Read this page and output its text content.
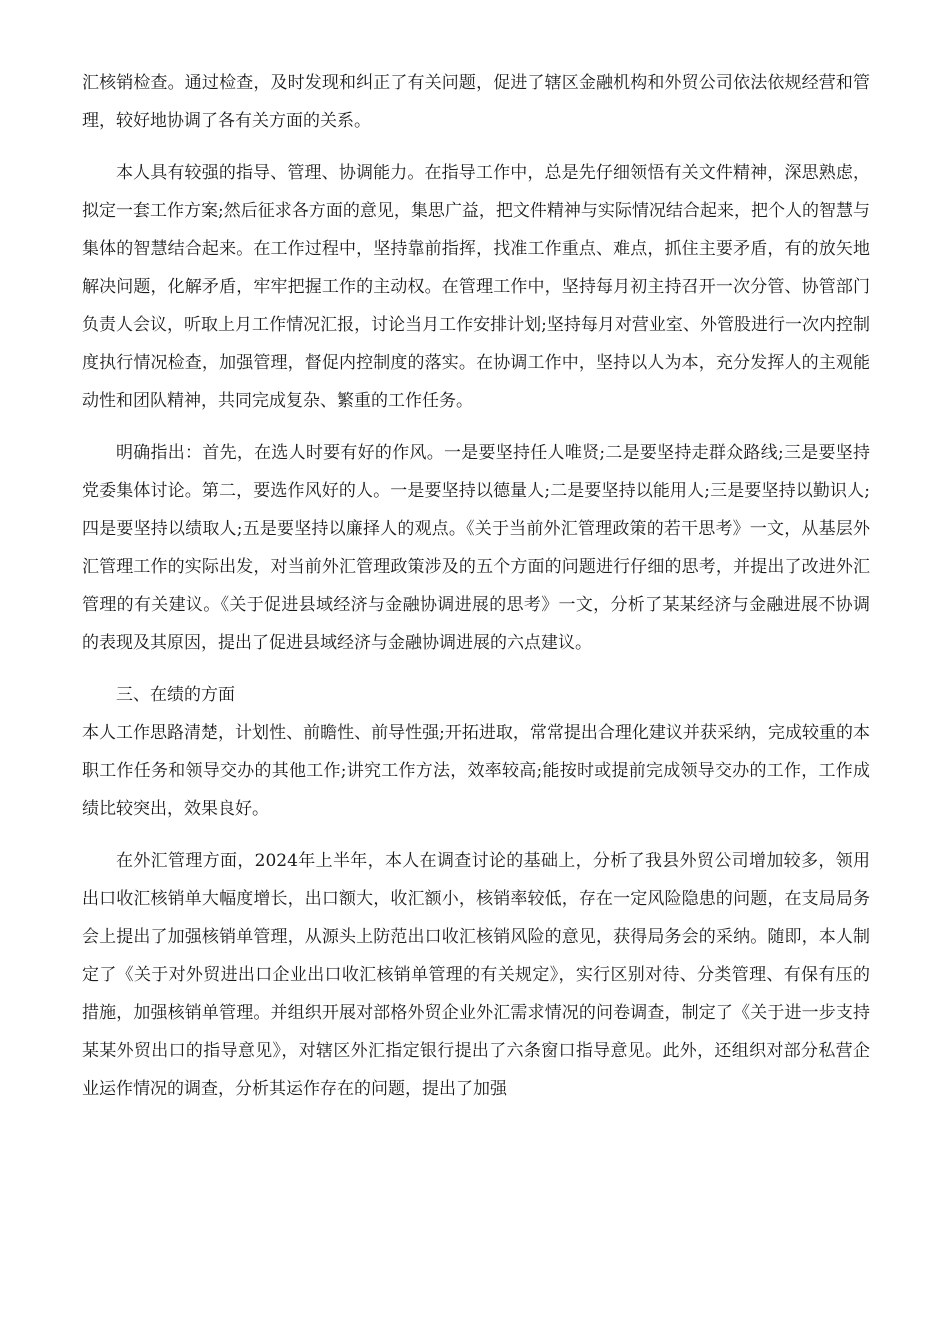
汇核销检查。通过检查，及时发现和纠正了有关问题，促进了辖区金融机构和外贸公司依法依规经营和管理，较好地协调了各有关方面的关系。

本人具有较强的指导、管理、协调能力。在指导工作中，总是先仔细领悟有关文件精神，深思熟虑，拟定一套工作方案;然后征求各方面的意见，集思广益，把文件精神与实际情况结合起来，把个人的智慧与集体的智慧结合起来。在工作过程中，坚持靠前指挥，找准工作重点、难点，抓住主要矛盾，有的放矢地解决问题，化解矛盾，牢牢把握工作的主动权。在管理工作中，坚持每月初主持召开一次分管、协管部门负责人会议，听取上月工作情况汇报，讨论当月工作安排计划;坚持每月对营业室、外管股进行一次内控制度执行情况检查，加强管理，督促内控制度的落实。在协调工作中，坚持以人为本，充分发挥人的主观能动性和团队精神，共同完成复杂、繁重的工作任务。

明确指出：首先，在选人时要有好的作风。一是要坚持任人唯贤;二是要坚持走群众路线;三是要坚持党委集体讨论。第二，要选作风好的人。一是要坚持以德量人;二是要坚持以能用人;三是要坚持以勤识人;四是要坚持以绩取人;五是要坚持以廉择人的观点。《关于当前外汇管理政策的若干思考》一文，从基层外汇管理工作的实际出发，对当前外汇管理政策涉及的五个方面的问题进行仔细的思考，并提出了改进外汇管理的有关建议。《关于促进县域经济与金融协调进展的思考》一文，分析了某某经济与金融进展不协调的表现及其原因，提出了促进县域经济与金融协调进展的六点建议。

三、在绩的方面

本人工作思路清楚，计划性、前瞻性、前导性强;开拓进取，常常提出合理化建议并获采纳，完成较重的本职工作任务和领导交办的其他工作;讲究工作方法，效率较高;能按时或提前完成领导交办的工作，工作成绩比较突出，效果良好。

在外汇管理方面，2024年上半年，本人在调查讨论的基础上，分析了我县外贸公司增加较多，领用出口收汇核销单大幅度增长，出口额大，收汇额小，核销率较低，存在一定风险隐患的问题，在支局局务会上提出了加强核销单管理，从源头上防范出口收汇核销风险的意见，获得局务会的采纳。随即，本人制定了《关于对外贸进出口企业出口收汇核销单管理的有关规定》，实行区别对待、分类管理、有保有压的措施，加强核销单管理。并组织开展对部格外贸企业外汇需求情况的问卷调查，制定了《关于进一步支持某某外贸出口的指导意见》，对辖区外汇指定银行提出了六条窗口指导意见。此外，还组织对部分私营企业运作情况的调查，分析其运作存在的问题，提出了加强
